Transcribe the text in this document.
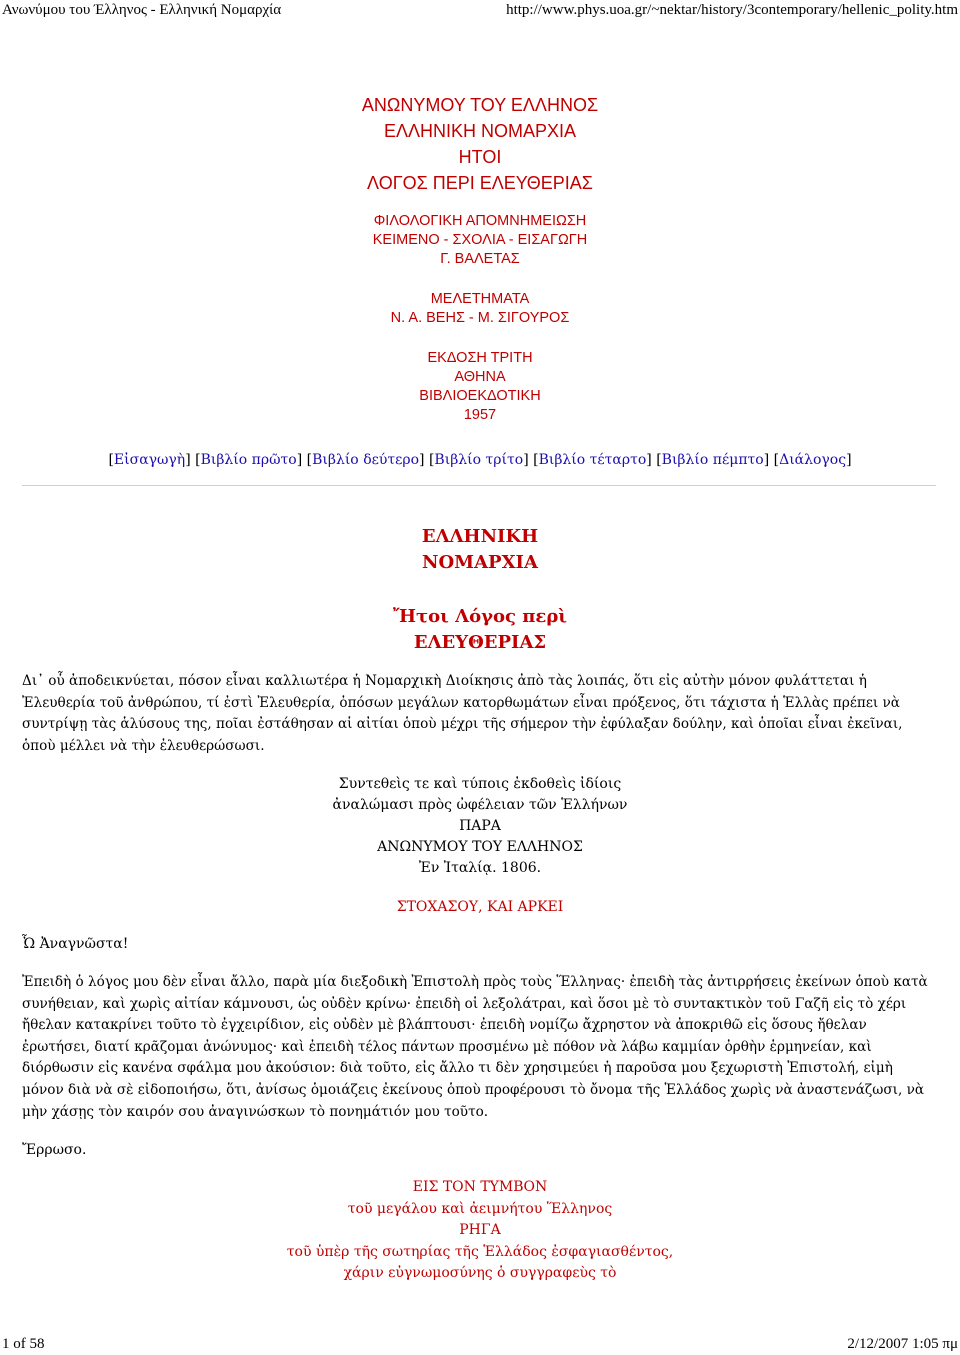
Ανωνύμου του Έλληνος - Ελληνική Νομαρχία	http://www.phys.uoa.gr/~nektar/history/3contemporary/hellenic_polity.htm
ΑΝΩΝΥΜΟΥ ΤΟΥ ΕΛΛΗΝΟΣ
ΕΛΛΗΝΙΚΗ ΝΟΜΑΡΧΙΑ
ΗΤΟΙ
ΛΟΓΟΣ ΠΕΡΙ ΕΛΕΥΘΕΡΙΑΣ
ΦΙΛΟΛΟΓΙΚΗ ΑΠΟΜΝΗΜΕΙΩΣΗ
ΚΕΙΜΕΝΟ - ΣΧΟΛΙΑ - ΕΙΣΑΓΩΓΗ
Γ. ΒΑΛΕΤΑΣ
ΜΕΛΕΤΗΜΑΤΑ
Ν. Α. ΒΕΗΣ - Μ. ΣΙΓΟΥΡΟΣ
ΕΚΔΟΣΗ ΤΡΙΤΗ
ΑΘΗΝΑ
ΒΙΒΛΙΟΕΚΔΟΤΙΚΗ
1957
[Εἰσαγωγὴ] [Βιβλίο πρῶτο] [Βιβλίο δεύτερο] [Βιβλίο τρίτο] [Βιβλίο τέταρτο] [Βιβλίο πέμπτο] [Διάλογος]
ΕΛΛΗΝΙΚΗ
ΝΟΜΑΡΧΙΑ
Ἤτοι Λόγος περὶ
ΕΛΕΥΘΕΡΙΑΣ
Δι᾽ οὗ ἀποδεικνύεται, πόσον εἶναι καλλιωτέρα ἡ Νομαρχικὴ Διοίκησις ἀπὸ τὰς λοιπάς, ὅτι εἰς αὐτὴν μόνον φυλάττεται ἡ Ἐλευθερία τοῦ ἀνθρώπου, τί ἐστὶ Ἐλευθερία, ὁπόσων μεγάλων κατορθωμάτων εἶναι πρόξενος, ὅτι τάχιστα ἡ Ἑλλὰς πρέπει νὰ συντρίψῃ τὰς ἁλύσους της, ποῖαι ἐστάθησαν αἱ αἰτίαι ὁποὺ μέχρι τῆς σήμερον τὴν ἐφύλαξαν δούλην, καὶ ὁποῖαι εἶναι ἐκεῖναι, ὁποὺ μέλλει νὰ τὴν ἐλευθερώσωσι.
Συντεθεὶς τε καὶ τύποις ἐκδοθεὶς ἰδίοις
ἀναλώμασι πρὸς ὠφέλειαν τῶν Ἑλλήνων
ΠΑΡΑ
ΑΝΩΝΥΜΟΥ ΤΟΥ ΕΛΛΗΝΟΣ
Ἐν Ἰταλίᾳ. 1806.
ΣΤΟΧΑΣΟΥ, ΚΑΙ ΑΡΚΕΙ
Ὦ Ἀναγνῶστα!
Ἐπειδὴ ὁ λόγος μου δὲν εἶναι ἄλλο, παρὰ μία διεξοδικὴ Ἐπιστολὴ πρὸς τοὺς Ἕλληνας· ἐπειδὴ τὰς ἀντιρρήσεις ἐκείνων ὁποὺ κατὰ συνήθειαν, καὶ χωρὶς αἰτίαν κάμνουσι, ὡς οὐδὲν κρίνω· ἐπειδὴ οἱ λεξολάτραι, καὶ ὅσοι μὲ τὸ συντακτικὸν τοῦ Γαζῆ εἰς τὸ χέρι ἤθελαν κατακρίνει τοῦτο τὸ ἐγχειρίδιον, εἰς οὐδὲν μὲ βλάπτουσι· ἐπειδὴ νομίζω ἄχρηστον νὰ ἀποκριθῶ εἰς ὅσους ἤθελαν ἐρωτήσει, διατί κρᾶζομαι ἀνώνυμος· καὶ ἐπειδὴ τέλος πάντων προσμένω μὲ πόθον νὰ λάβω καμμίαν ὀρθὴν ἑρμηνείαν, καὶ διόρθωσιν εἰς κανένα σφάλμα μου ἀκούσιον: διὰ τοῦτο, εἰς ἄλλο τι δὲν χρησιμεύει ἡ παροῦσα μου ξεχωριστὴ Ἐπιστολή, εἰμὴ μόνον διὰ νὰ σὲ εἰδοποιήσω, ὅτι, ἀνίσως ὁμοιάζεις ἐκείνους ὁποὺ προφέρουσι τὸ ὄνομα τῆς Ἑλλάδος χωρὶς νὰ ἀναστενάζωσι, νὰ μὴν χάσῃς τὸν καιρόν σου ἀναγινώσκων τὸ πονημάτιόν μου τοῦτο.
Ἔρρωσο.
ΕΙΣ ΤΟΝ ΤΥΜΒΟΝ
τοῦ μεγάλου καὶ ἀειμνήτου Ἕλληνος
ΡΗΓΑ
τοῦ ὑπὲρ τῆς σωτηρίας τῆς Ἑλλάδος ἐσφαγιασθέντος,
χάριν εὐγνωμοσύνης ὁ συγγραφεὺς τὸ
1 of 58	2/12/2007 1:05 πμ
